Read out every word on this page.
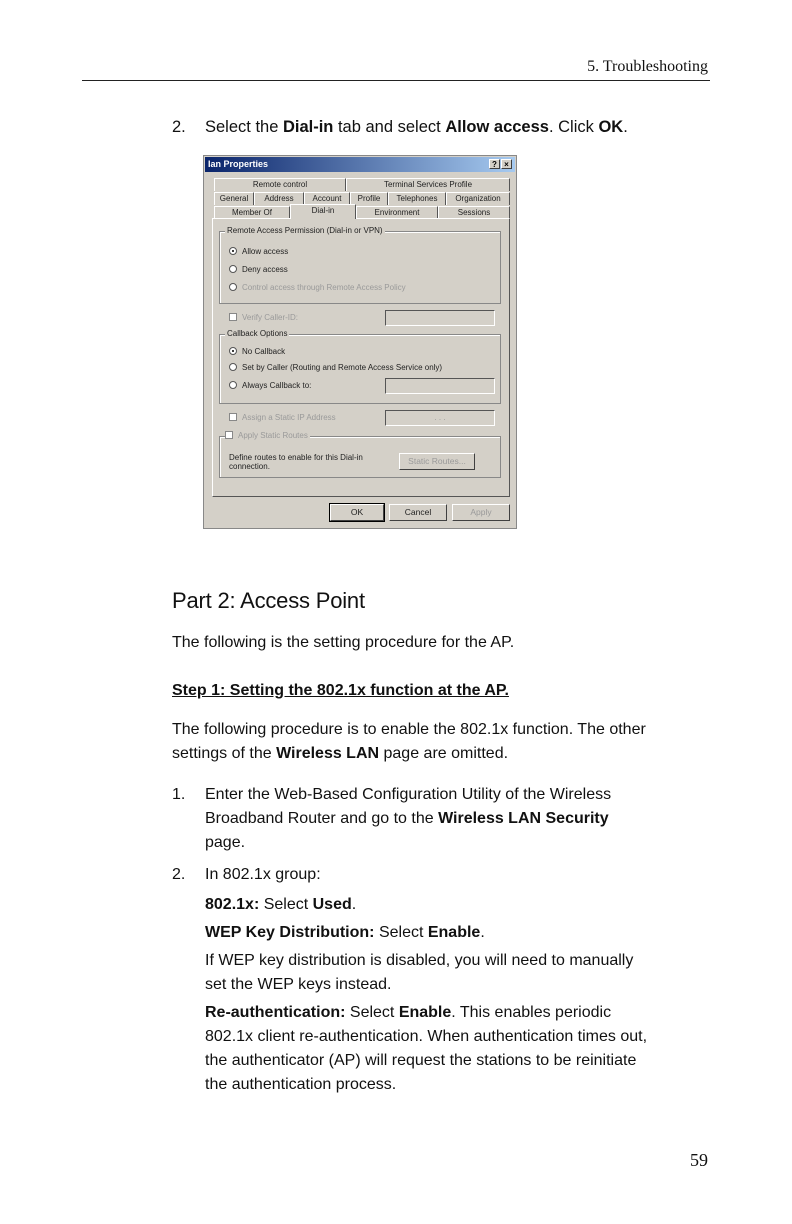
5. Troubleshooting
2. Select the Dial-in tab and select Allow access. Click OK.
Ian Properties	? ×
Remote control	Terminal Services Profile
General	Address	Account	Profile	Telephones	Organization
Member Of	Dial-in	Environment	Sessions
Remote Access Permission (Dial-in or VPN)
Allow access
Deny access
Control access through Remote Access Policy
Verify Caller-ID:
Callback Options
No Callback
Set by Caller (Routing and Remote Access Service only)
Always Callback to:
Assign a Static IP Address	. . .
Apply Static Routes
Define routes to enable for this Dial-in connection.
Static Routes...
OK	Cancel	Apply
Part 2: Access Point
The following is the setting procedure for the AP.
Step 1: Setting the 802.1x function at the AP.
The following procedure is to enable the 802.1x function. The other
settings of the Wireless LAN page are omitted.
1. Enter the Web-Based Configuration Utility of the Wireless
Broadband Router and go to the Wireless LAN Security
page.
2. In 802.1x group:
802.1x: Select Used.
WEP Key Distribution: Select Enable.
If WEP key distribution is disabled, you will need to manually
set the WEP keys instead.
Re-authentication: Select Enable. This enables periodic
802.1x client re-authentication. When authentication times out,
the authenticator (AP) will request the stations to be reinitiate
the authentication process.
59
